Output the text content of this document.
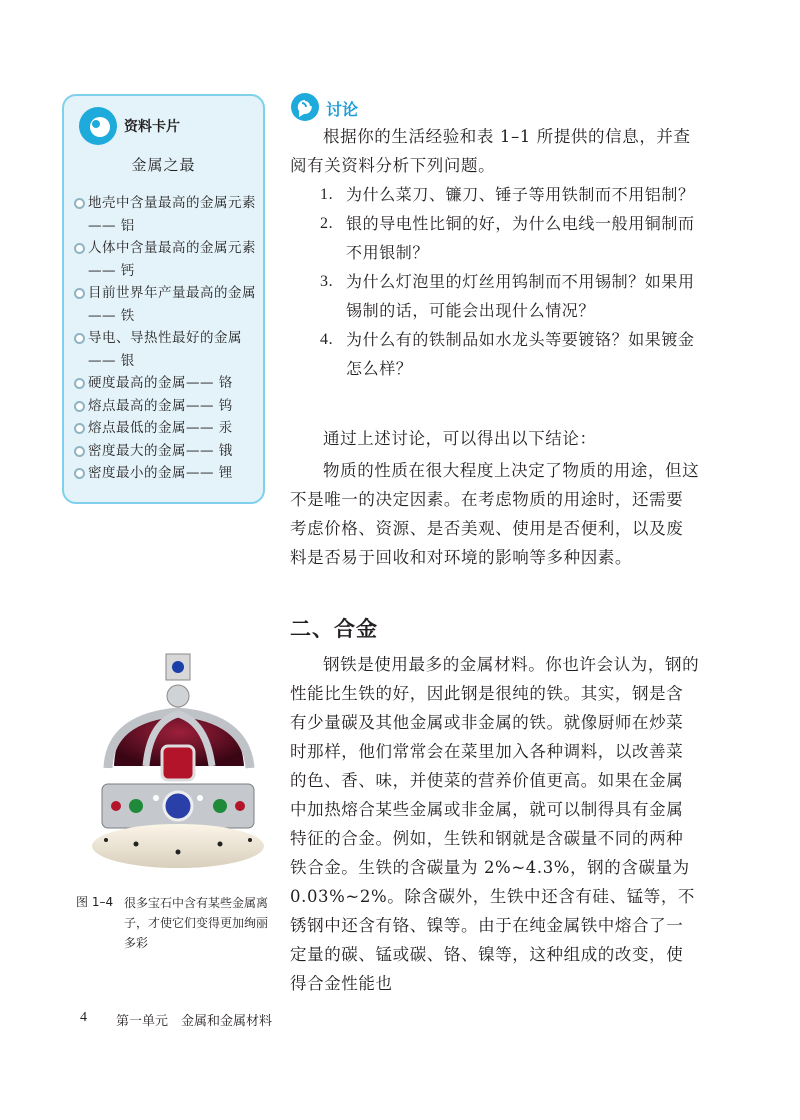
资料卡片
金属之最
地壳中含量最高的金属元素—— 铝
人体中含量最高的金属元素—— 钙
目前世界年产量最高的金属—— 铁
导电、导热性最好的金属—— 银
硬度最高的金属—— 铬
熔点最高的金属—— 钨
熔点最低的金属—— 汞
密度最大的金属—— 锇
密度最小的金属—— 锂
讨论

根据你的生活经验和表 1–1 所提供的信息，并查阅有关资料分析下列问题。

1. 为什么菜刀、镰刀、锤子等用铁制而不用铝制？
2. 银的导电性比铜的好，为什么电线一般用铜制而不用银制？
3. 为什么灯泡里的灯丝用钨制而不用锡制？如果用锡制的话，可能会出现什么情况？
4. 为什么有的铁制品如水龙头等要镀铬？如果镀金怎么样？

通过上述讨论，可以得出以下结论：

物质的性质在很大程度上决定了物质的用途，但这不是唯一的决定因素。在考虑物质的用途时，还需要考虑价格、资源、是否美观、使用是否便利，以及废料是否易于回收和对环境的影响等多种因素。

二、合金

钢铁是使用最多的金属材料。你也许会认为，钢的性能比生铁的好，因此钢是很纯的铁。其实，钢是含有少量碳及其他金属或非金属的铁。就像厨师在炒菜时那样，他们常常会在菜里加入各种调料，以改善菜的色、香、味，并使菜的营养价值更高。如果在金属中加热熔合某些金属或非金属，就可以制得具有金属特征的合金。例如，生铁和钢就是含碳量不同的两种铁合金。生铁的含碳量为 2%~4.3%，钢的含碳量为 0.03%~2%。除含碳外，生铁中还含有硅、锰等，不锈钢中还含有铬、镍等。由于在纯金属铁中熔合了一定量的碳、锰或碳、铬、镍等，这种组成的改变，使得合金性能也

图 1–4 很多宝石中含有某些金属离子，才使它们变得更加绚丽多彩
4 第一单元　金属和金属材料
